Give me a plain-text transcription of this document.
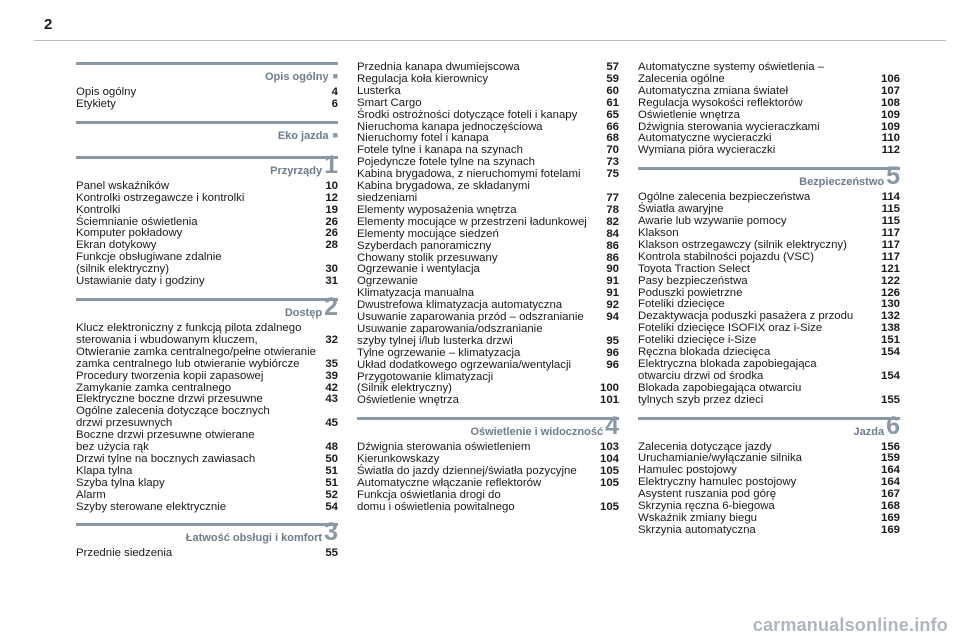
2
Opis ogólny ■
Opis ogólny	4
Etykiety	6
Eko jazda ■
Przyrządy1
Panel wskaźników	10
Kontrolki ostrzegawcze i kontrolki	12
Kontrolki	19
Ściemnianie oświetlenia	26
Komputer pokładowy	26
Ekran dotykowy	28
Funkcje obsługiwane zdalnie
(silnik elektryczny)	30
Ustawianie daty i godziny	31
Dostęp2
Klucz elektroniczny z funkcją pilota zdalnego
sterowania i wbudowanym kluczem,	32
Otwieranie zamka centralnego/pełne otwieranie
zamka centralnego lub otwieranie wybiórcze	35
Procedury tworzenia kopii zapasowej	39
Zamykanie zamka centralnego	42
Elektryczne boczne drzwi przesuwne	43
Ogólne zalecenia dotyczące bocznych
drzwi przesuwnych	45
Boczne drzwi przesuwne otwierane
bez użycia rąk	48
Drzwi tylne na bocznych zawiasach	50
Klapa tylna	51
Szyba tylna klapy	51
Alarm	52
Szyby sterowane elektrycznie	54
Łatwość obsługi i komfort3
Przednie siedzenia	55
Przednia kanapa dwumiejscowa	57
Regulacja koła kierownicy	59
Lusterka	60
Smart Cargo	61
Środki ostrożności dotyczące foteli i kanapy	65
Nieruchoma kanapa jednoczęściowa	66
Nieruchomy fotel i kanapa	68
Fotele tylne i kanapa na szynach	70
Pojedyncze fotele tylne na szynach	73
Kabina brygadowa, z nieruchomymi fotelami 75
Kabina brygadowa, ze składanymi
siedzeniami	77
Elementy wyposażenia wnętrza	78
Elementy mocujące w przestrzeni ładunkowej 82
Elementy mocujące siedzeń	84
Szyberdach panoramiczny	86
Chowany stolik przesuwany	86
Ogrzewanie i wentylacja	90
Ogrzewanie	91
Klimatyzacja manualna	91
Dwustrefowa klimatyzacja automatyczna	92
Usuwanie zaparowania przód – odszranianie 94
Usuwanie zaparowania/odszranianie
szyby tylnej i/lub lusterka drzwi	95
Tylne ogrzewanie – klimatyzacja	96
Układ dodatkowego ogrzewania/wentylacji	96
Przygotowanie klimatyzacji
(Silnik elektryczny)	100
Oświetlenie wnętrza	101
Oświetlenie i widoczność4
Dźwignia sterowania oświetleniem	103
Kierunkowskazy	104
Światła do jazdy dziennej/światła pozycyjne 105
Automatyczne włączanie reflektorów	105
Funkcja oświetlania drogi do
domu i oświetlenia powitalnego	105
Automatyczne systemy oświetlenia –
Zalecenia ogólne	106
Automatyczna zmiana świateł	107
Regulacja wysokości reflektorów	108
Oświetlenie wnętrza	109
Dźwignia sterowania wycieraczkami	109
Automatyczne wycieraczki	110
Wymiana pióra wycieraczki	112
Bezpieczeństwo5
Ogólne zalecenia bezpieczeństwa	114
Światła awaryjne	115
Awarie lub wzywanie pomocy	115
Klakson	117
Klakson ostrzegawczy (silnik elektryczny)	117
Kontrola stabilności pojazdu (VSC)	117
Toyota Traction Select	121
Pasy bezpieczeństwa	122
Poduszki powietrzne	126
Foteliki dziecięce	130
Dezaktywacja poduszki pasażera z przodu 132
Foteliki dziecięce ISOFIX oraz i-Size	138
Foteliki dziecięce i-Size	151
Ręczna blokada dziecięca	154
Elektryczna blokada zapobiegająca
otwarciu drzwi od środka	154
Blokada zapobiegająca otwarciu
tylnych szyb przez dzieci	155
Jazda6
Zalecenia dotyczące jazdy	156
Uruchamianie/wyłączanie silnika	159
Hamulec postojowy	164
Elektryczny hamulec postojowy	164
Asystent ruszania pod górę	167
Skrzynia ręczna 6-biegowa	168
Wskaźnik zmiany biegu	169
Skrzynia automatyczna	169
carmanualsonline.info
